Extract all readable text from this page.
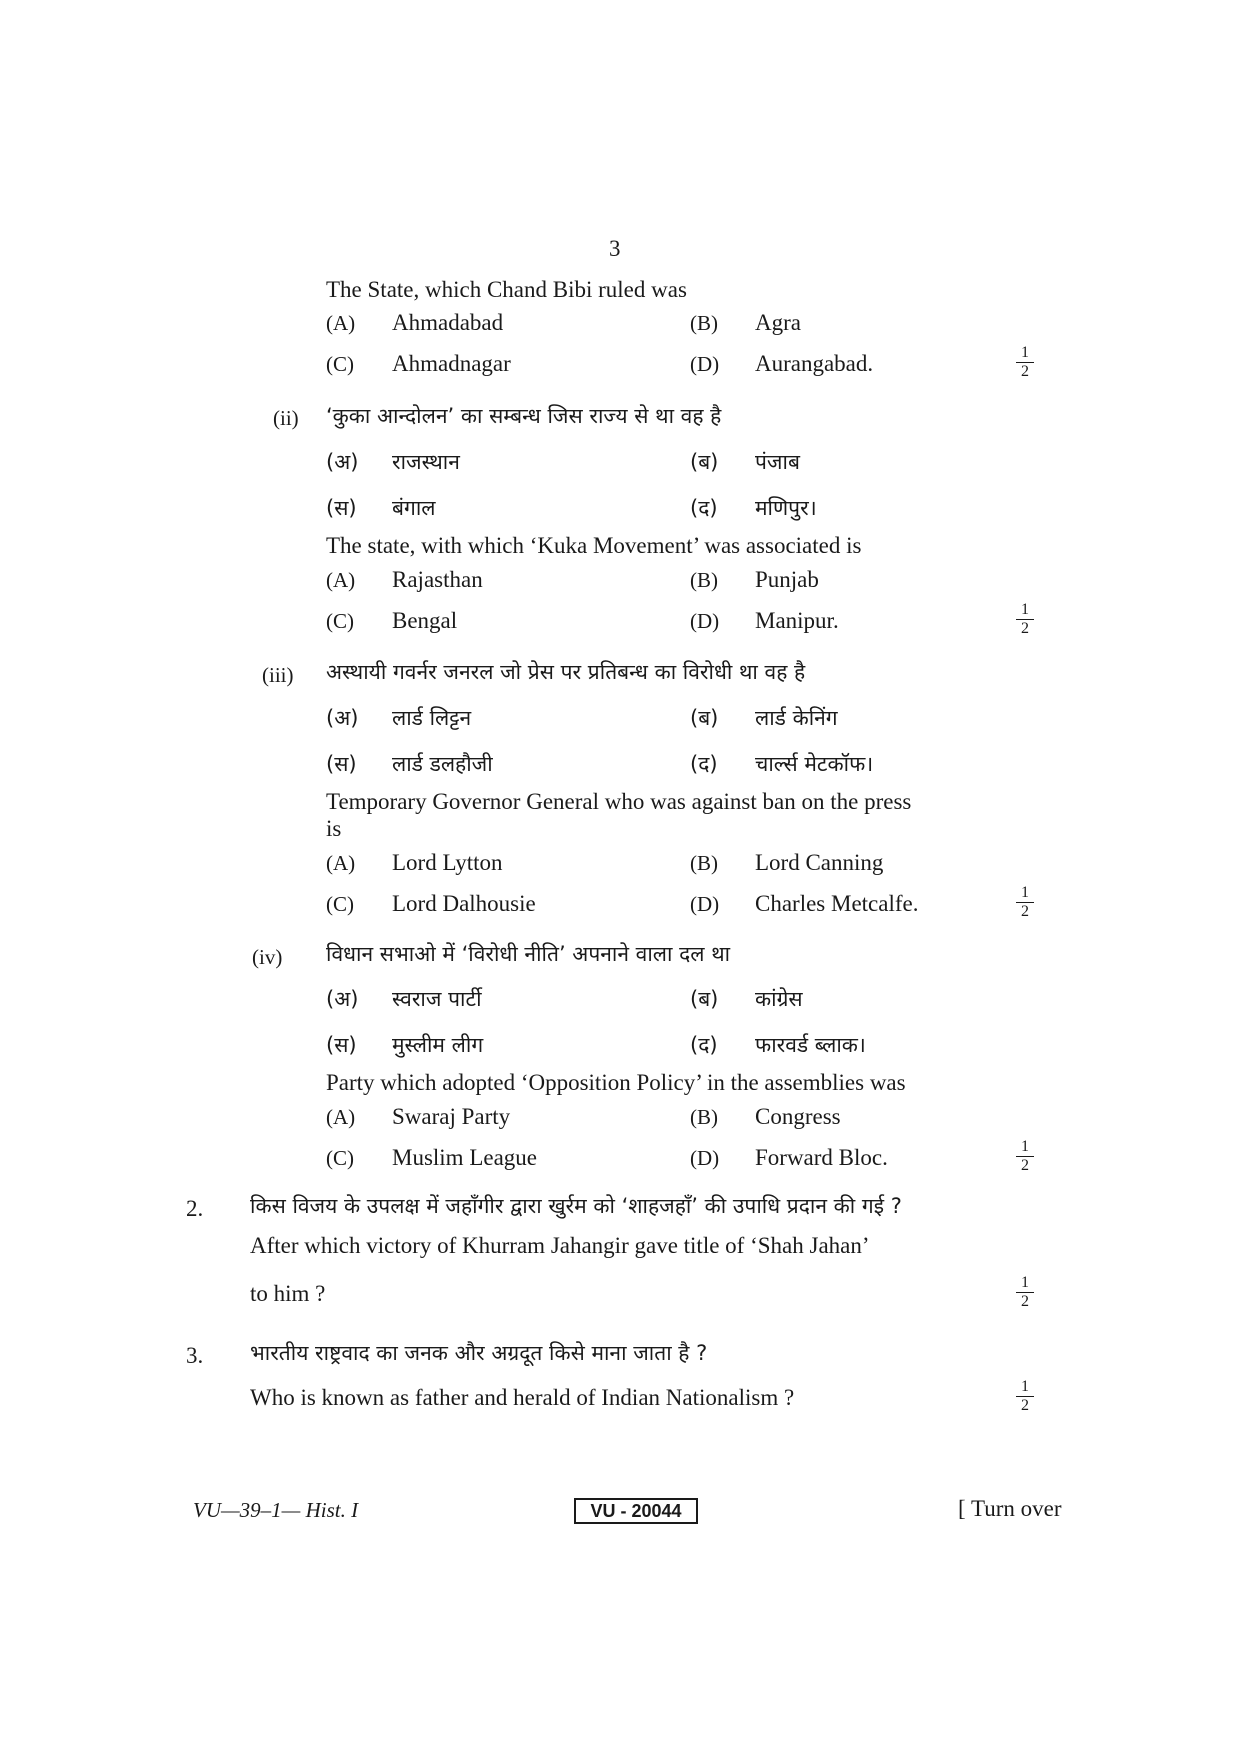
3
The State, which Chand Bibi ruled was
(A) Ahmadabad	(B) Agra
(C) Ahmadnagar	(D) Aurangabad.	$\frac{1}{2}$
(ii) ‘कुका आन्दोलन’ का सम्बन्ध जिस राज्य से था वह है
(अ) राजस्थान	(ब) पंजाब
(स) बंगाल	(द) मणिपुर।
The state, with which ‘Kuka Movement’ was associated is
(A) Rajasthan	(B) Punjab
(C) Bengal	(D) Manipur.	$\frac{1}{2}$
(iii) अस्थायी गवर्नर जनरल जो प्रेस पर प्रतिबन्ध का विरोधी था वह है
(अ) लार्ड लिट्टन	(ब) लार्ड केनिंग
(स) लार्ड डलहौजी	(द) चार्ल्स मेटकॉफ।
Temporary Governor General who was against ban on the press
is
(A) Lord Lytton	(B) Lord Canning
(C) Lord Dalhousie	(D) Charles Metcalfe.	$\frac{1}{2}$
(iv) विधान सभाओ में ‘विरोधी नीति’ अपनाने वाला दल था
(अ) स्वराज पार्टी	(ब) कांग्रेस
(स) मुस्लीम लीग	(द) फारवर्ड ब्लाक।
Party which adopted ‘Opposition Policy’ in the assemblies was
(A) Swaraj Party	(B) Congress
(C) Muslim League	(D) Forward Bloc.	$\frac{1}{2}$
2. किस विजय के उपलक्ष में जहाँगीर द्वारा खुर्रम को ‘शाहजहाँ’ की उपाधि प्रदान की गई ?
After which victory of Khurram Jahangir gave title of ‘Shah Jahan’
to him ?	$\frac{1}{2}$
3. भारतीय राष्ट्रवाद का जनक और अग्रदूत किसे माना जाता है ?
Who is known as father and herald of Indian Nationalism ?	$\frac{1}{2}$
VU—39–1— Hist. I	VU - 20044	[ Turn over
